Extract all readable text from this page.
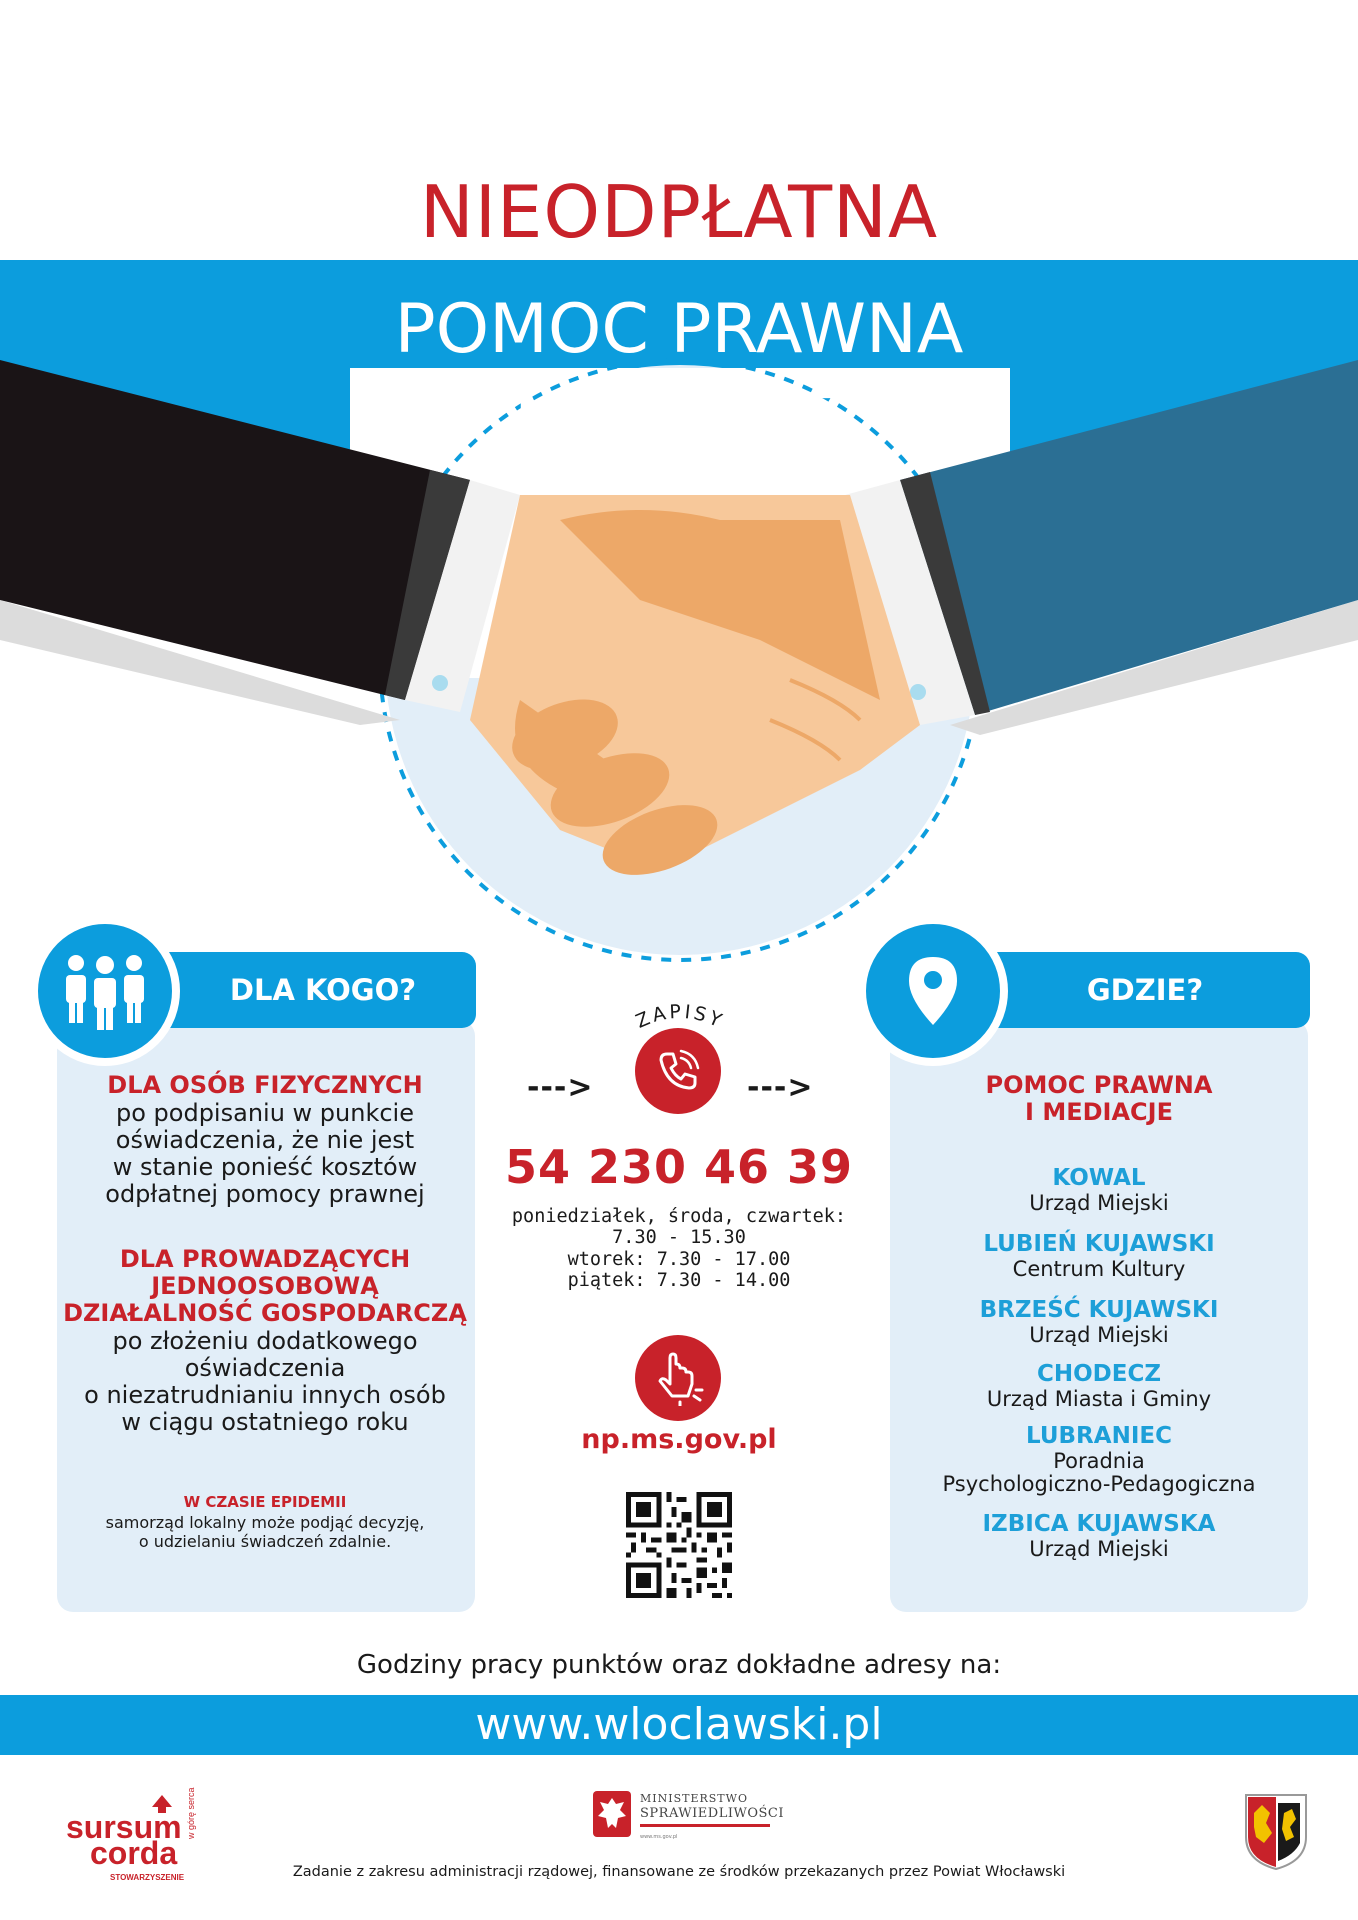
NIEODPŁATNA
POMOC PRAWNA
MEDIACJE
DLA KOGO?
DLA OSÓB FIZYCZNYCH
po podpisaniu w punkcie
oświadczenia, że nie jest
w stanie ponieść kosztów
odpłatnej pomocy prawnej
DLA PROWADZĄCYCH
JEDNOOSOBOWĄ
DZIAŁALNOŚĆ GOSPODARCZĄ
po złożeniu dodatkowego
oświadczenia
o niezatrudnianiu innych osób
w ciągu ostatniego roku
W CZASIE EPIDEMII
samorząd lokalny może podjąć decyzję,
o udzielaniu świadczeń zdalnie.
ZAPISY
--->	--->
54 230 46 39
poniedziałek, środa, czwartek:
7.30 - 15.30
wtorek: 7.30 - 17.00
piątek: 7.30 - 14.00
np.ms.gov.pl
GDZIE?
POMOC PRAWNA
I MEDIACJE
KOWAL
Urząd Miejski
LUBIEŃ KUJAWSKI
Centrum Kultury
BRZEŚĆ KUJAWSKI
Urząd Miejski
CHODECZ
Urząd Miasta i Gminy
LUBRANIEC
Poradnia
Psychologiczno-Pedagogiczna
IZBICA KUJAWSKA
Urząd Miejski
Godziny pracy punktów oraz dokładne adresy na:
www.wloclawski.pl
sursum
corda
STOWARZYSZENIE
w górę serca	MINISTERSTWO
SPRAWIEDLIWOŚCI
www.ms.gov.pl
Zadanie z zakresu administracji rządowej, finansowane ze środków przekazanych przez Powiat Włocławski
